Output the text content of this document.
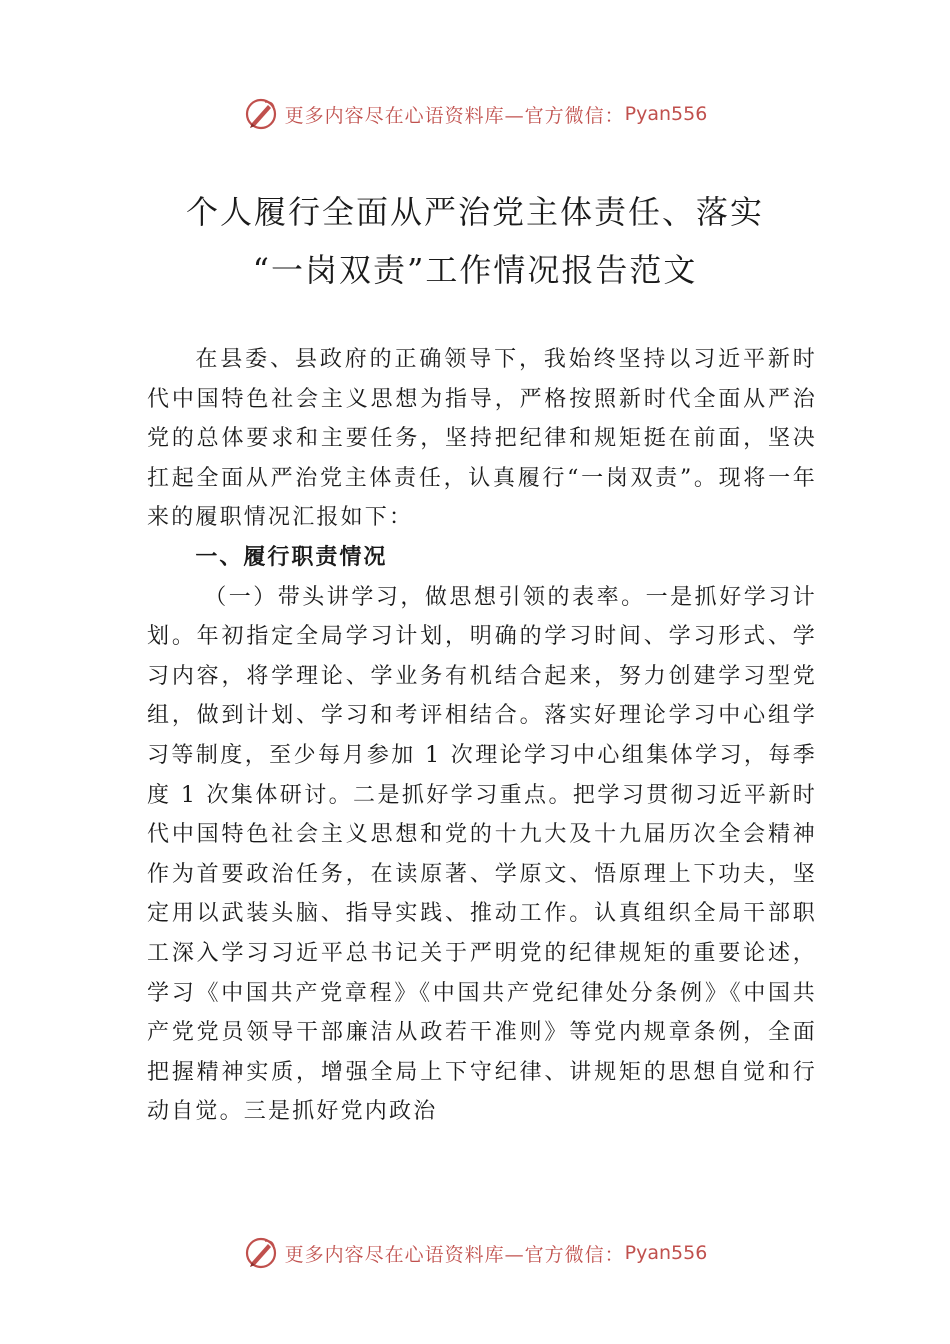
更多内容尽在心语资料库—官方微信： Pyan556
个人履行全面从严治党主体责任、落实
“一岗双责”工作情况报告范文

在县委、县政府的正确领导下，我始终坚持以习近平新时代中国特色社会主义思想为指导，严格按照新时代全面从严治党的总体要求和主要任务，坚持把纪律和规矩挺在前面，坚决扛起全面从严治党主体责任，认真履行“一岗双责”。现将一年来的履职情况汇报如下：

一、履行职责情况

（一）带头讲学习，做思想引领的表率。一是抓好学习计划。年初指定全局学习计划，明确的学习时间、学习形式、学习内容，将学理论、学业务有机结合起来，努力创建学习型党组，做到计划、学习和考评相结合。落实好理论学习中心组学习等制度，至少每月参加 1 次理论学习中心组集体学习，每季度 1 次集体研讨。二是抓好学习重点。把学习贯彻习近平新时代中国特色社会主义思想和党的十九大及十九届历次全会精神作为首要政治任务，在读原著、学原文、悟原理上下功夫，坚定用以武装头脑、指导实践、推动工作。认真组织全局干部职工深入学习习近平总书记关于严明党的纪律规矩的重要论述，学习《中国共产党章程》《中国共产党纪律处分条例》《中国共产党党员领导干部廉洁从政若干准则》等党内规章条例，全面把握精神实质，增强全局上下守纪律、讲规矩的思想自觉和行动自觉。三是抓好党内政治

更多内容尽在心语资料库—官方微信： Pyan556
